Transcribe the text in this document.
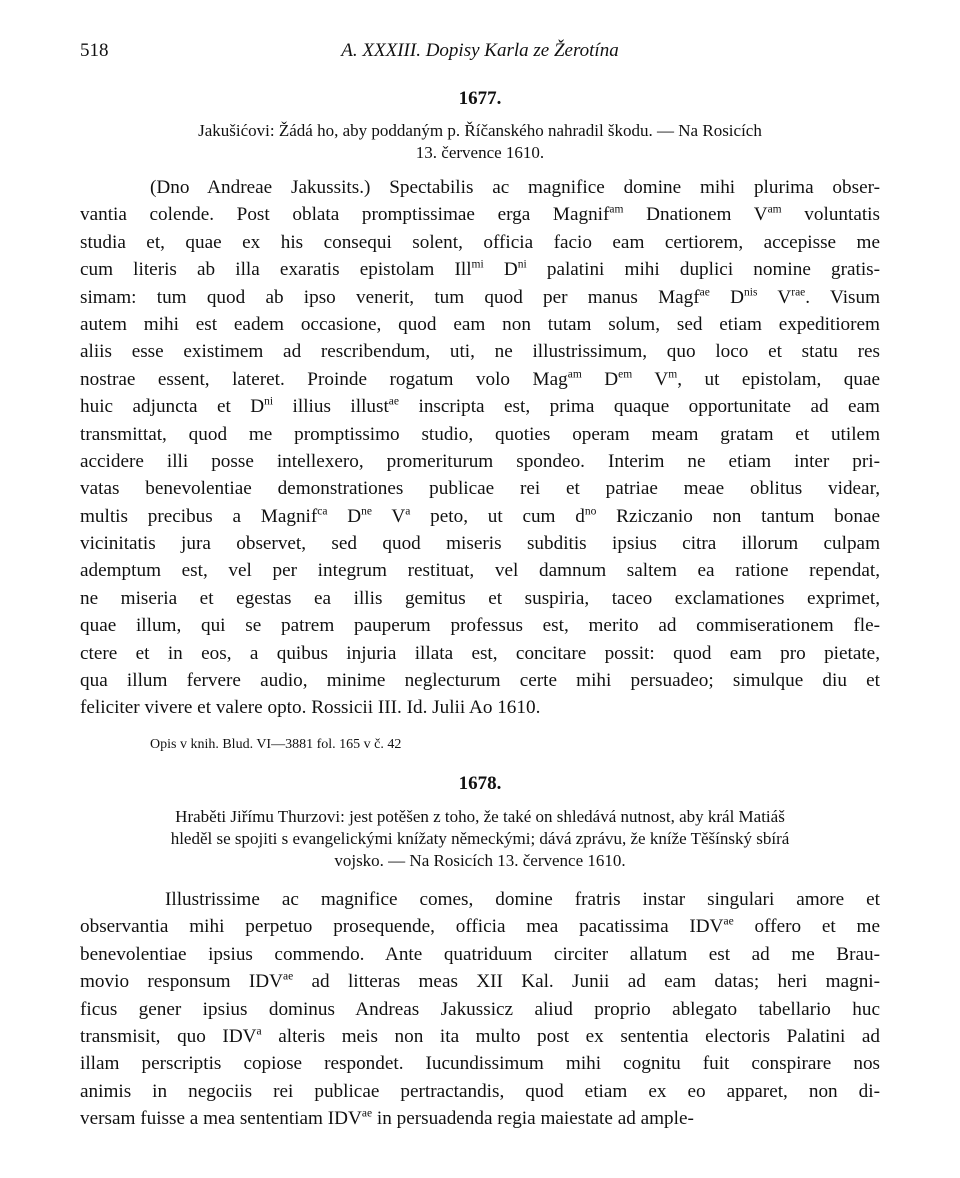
518	A. XXXIII. Dopisy Karla ze Žerotína
1677.
Jakušićovi: Žádá ho, aby poddaným p. Říčanského nahradil škodu. — Na Rosicích
13. července 1610.
(Dno Andreae Jakussits.) Spectabilis ac magnifice domine mihi plurima obser-
vantia colende. Post oblata promptissimae erga Magnif$^{am}$ Dnationem $V^{am}$ voluntatis
studia et, quae ex his consequi solent, officia facio eam certiorem, accepisse me
cum literis ab illa exaratis epistolam Ill$^{mi}$ $D^{ni}$ palatini mihi duplici nomine gratis-
simam: tum quod ab ipso venerit, tum quod per manus Magf$^{ae}$ $D^{nis}$ $V^{rae}$. Visum
autem mihi est eadem occasione, quod eam non tutam solum, sed etiam expeditiorem
aliis esse existimem ad rescribendum, uti, ne illustrissimum, quo loco et statu res
nostrae essent, lateret. Proinde rogatum volo Mag$^{am}$ $D^{em}$ $V^m$, ut epistolam, quae
huic adjuncta et $D^{ni}$ illius illust$^{ae}$ inscripta est, prima quaque opportunitate ad eam
transmittat, quod me promptissimo studio, quoties operam meam gratam et utilem
accidere illi posse intellexero, promeriturum spondeo. Interim ne etiam inter pri-
vatas benevolentiae demonstrationes publicae rei et patriae meae oblitus videar,
multis precibus a Magnif$^{ca}$ $D^{ne}$ $V^a$ peto, ut cum $d^{no}$ Rziczanio non tantum bonae
vicinitatis jura observet, sed quod miseris subditis ipsius citra illorum culpam
ademptum est, vel per integrum restituat, vel damnum saltem ea ratione rependat,
ne miseria et egestas ea illis gemitus et suspiria, taceo exclamationes exprimet,
quae illum, qui se patrem pauperum professus est, merito ad commiserationem fle-
ctere et in eos, a quibus injuria illata est, concitare possit: quod eam pro pietate,
qua illum fervere audio, minime neglecturum certe mihi persuadeo; simulque diu et
feliciter vivere et valere opto. Rossicii III. Id. Julii Ao 1610.
Opis v knih. Blud. VI—3881 fol. 165 v č. 42
1678.
Hraběti Jiřímu Thurzovi: jest potěšen z toho, že také on shledává nutnost, aby král Matiáš
hleděl se spojiti s evangelickými knížaty německými; dává zprávu, že kníže Těšínský sbírá
vojsko. — Na Rosicích 13. července 1610.
Illustrissime ac magnifice comes, domine fratris instar singulari amore et
observantia mihi perpetuo prosequende, officia mea pacatissima $IDV^{ae}$ offero et me
benevolentiae ipsius commendo. Ante quatriduum circiter allatum est ad me Brau-
movio responsum $IDV^{ae}$ ad litteras meas XII Kal. Junii ad eam datas; heri magni-
ficus gener ipsius dominus Andreas Jakussicz aliud proprio ablegato tabellario huc
transmisit, quo IDV$^a$ alteris meis non ita multo post ex sententia electoris Palatini ad
illam perscriptis copiose respondet. Iucundissimum mihi cognitu fuit conspirare nos
animis in negociis rei publicae pertractandis, quod etiam ex eo apparet, non di-
versam fuisse a mea sententiam $IDV^{ae}$ in persuadenda regia maiestate ad ample-
